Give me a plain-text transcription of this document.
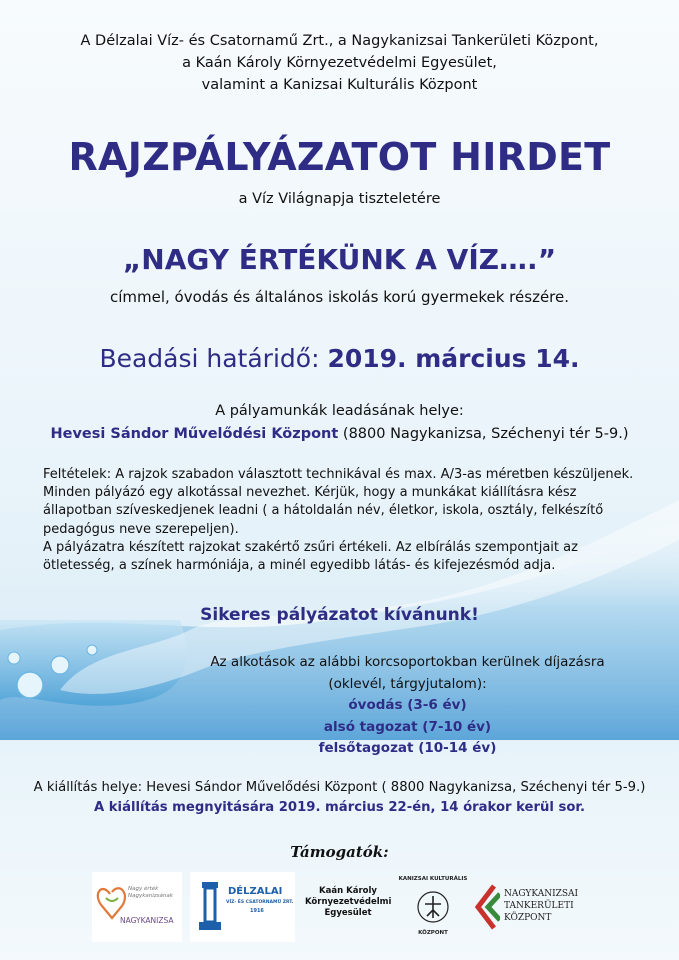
A Délzalai Víz- és Csatornamű Zrt., a Nagykanizsai Tankerületi Központ,
a Kaán Károly Környezetvédelmi Egyesület,
valamint a Kanizsai Kulturális Központ
RAJZPÁLYÁZATOT HIRDET
a Víz Világnapja tiszteletére
„NAGY ÉRTÉKÜNK A VÍZ….”
címmel, óvodás és általános iskolás korú gyermekek részére.
Beadási határidő: 2019. március 14.
A pályamunkák leadásának helye:
Hevesi Sándor Művelődési Központ (8800 Nagykanizsa, Széchenyi tér 5-9.)

Feltételek: A rajzok szabadon választott technikával és max. A/3-as méretben készüljenek. Minden pályázó egy alkotással nevezhet. Kérjük, hogy a munkákat kiállításra kész állapotban szíveskedjenek leadni ( a hátoldalán név, életkor, iskola, osztály, felkészítő pedagógus neve szerepeljen).

A pályázatra készített rajzokat szakértő zsűri értékeli. Az elbírálás szempontjait az ötletesség, a színek harmóniája, a minél egyedibb látás- és kifejezésmód adja.

Sikeres pályázatot kívánunk!
Az alkotások az alábbi korcsoportokban kerülnek díjazásra
(oklevél, tárgyjutalom):
óvodás (3-6 év)
alsó tagozat (7-10 év)
felsőtagozat (10-14 év)
A kiállítás helye: Hevesi Sándor Művelődési Központ ( 8800 Nagykanizsa, Széchenyi tér 5-9.)
A kiállítás megnyitására 2019. március 22-én, 14 órakor kerül sor.
Támogatók:
Nagy érték
Nagykanizsának
NAGYKANIZSA
DÉLZALAI
VÍZ- ÉS CSATORNAMŰ ZRT.
1916
Kaán Károly
Környezetvédelmi
Egyesület
KANIZSAI KULTURÁLIS
KÖZPONT
NAGYKANIZSAI
TANKERÜLETI
KÖZPONT
